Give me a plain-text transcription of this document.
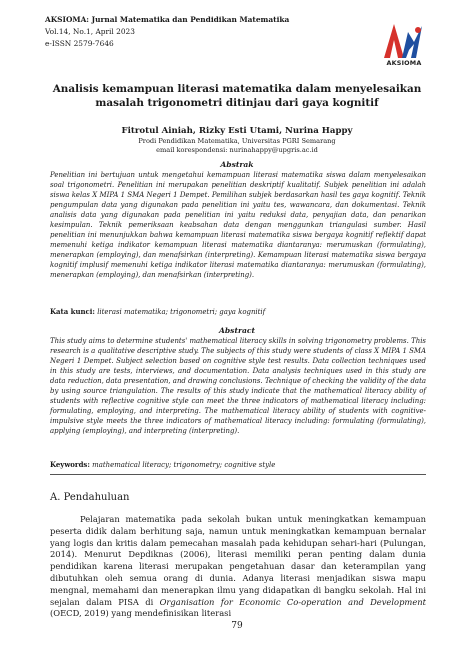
AKSIOMA: Jurnal Matematika dan Pendidikan Matematika
Vol.14, No.1, April 2023
e-ISSN 2579-7646
AKSIOMA
Analisis kemampuan literasi matematika dalam menyelesaikan masalah trigonometri ditinjau dari gaya kognitif
Fitrotul Ainiah, Rizky Esti Utami, Nurina Happy
Prodi Pendidikan Matematika, Universitas PGRI Semarang
email korespondensi: nurinahappy@upgris.ac.id
Abstrak
Penelitian ini bertujuan untuk mengetahui kemampuan literasi matematika siswa dalam menyelesaikan soal trigonometri. Penelitian ini merupakan penelitian deskriptif kualitatif. Subjek penelitian ini adalah siswa kelas X MIPA 1 SMA Negeri 1 Dempet. Pemilihan subjek berdasarkan hasil tes gaya kognitif. Teknik pengumpulan data yang digunakan pada penelitian ini yaitu tes, wawancara, dan dokumentasi. Teknik analisis data yang digunakan pada penelitian ini yaitu reduksi data, penyajian data, dan penarikan kesimpulan. Teknik pemeriksaan keabsahan data dengan menggunkan triangulasi sumber. Hasil penelitian ini menunjukkan bahwa kemampuan literasi matematika siswa bergaya kognitif reflektif dapat memenuhi ketiga indikator kemampuan literasi matematika diantaranya: merumuskan (formulating), menerapkan (employing), dan menafsirkan (interpreting). Kemampuan literasi matematika siswa bergaya kognitif implusif memenuhi ketiga indikator literasi matematika diantaranya: merumuskan (formulating), menerapkan (employing), dan menafsirkan (interpreting).
Kata kunci: literasi matematika; trigonometri; gaya kognitif
Abstract
This study aims to determine students' mathematical literacy skills in solving trigonometry problems. This research is a qualitative descriptive study. The subjects of this study were students of class X MIPA 1 SMA Negeri 1 Dempet. Subject selection based on cognitive style test results. Data collection techniques used in this study are tests, interviews, and documentation. Data analysis techniques used in this study are data reduction, data presentation, and drawing conclusions. Technique of checking the validity of the data by using source triangulation. The results of this study indicate that the mathematical literacy ability of students with reflective cognitive style can meet the three indicators of mathematical literacy including: formulating, employing, and interpreting. The mathematical literacy ability of students with cognitive-impulsive style meets the three indicators of mathematical literacy including: formulating (formulating), applying (employing), and interpreting (interpreting).
Keywords: mathematical literacy; trigonometry; cognitive style
A. Pendahuluan

Pelajaran matematika pada sekolah bukan untuk meningkatkan kemampuan peserta didik dalam berhitung saja, namun untuk meningkatkan kemampuan bernalar yang logis dan kritis dalam pemecahan masalah pada kehidupan sehari-hari (Pulungan, 2014). Menurut Depdiknas (2006), literasi memiliki peran penting dalam dunia pendidikan karena literasi merupakan pengetahuan dasar dan keterampilan yang dibutuhkan oleh semua orang di dunia. Adanya literasi menjadikan siswa mapu mengnal, memahami dan menerapkan ilmu yang didapatkan di bangku sekolah. Hal ini sejalan dalam PISA di Organisation for Economic Co-operation and Development (OECD, 2019) yang mendefinisikan literasi

79
